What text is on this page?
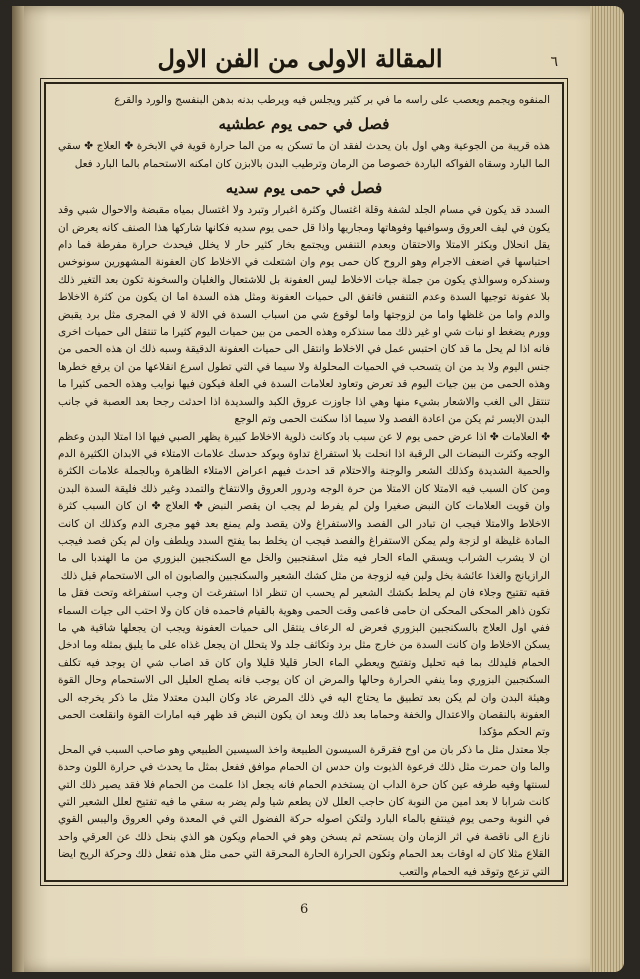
٦
المقالة الاولى من الفن الاول
المنفوه ويجمم ويعصب على راسه ما في بر كثير ويجلس فيه ويرطب بدنه بدهن البنفسج والورد والقرع
فصل في حمى يوم عطشيه
هذه قريبة من الجوعية وهي اول بان يحدث لفقد ان ما تسكن به من الما حرارة قوية في الابخرة ✤ العلاج ✤ سقي الما البارد وسقاه الفواكه الباردة خصوصا من الرمان وترطيب البدن بالابزن كان امكنه الاستحمام بالما البارد فعل
فصل في حمى يوم سديه
السدد قد يكون في مسام الجلد لشفة وقلة اغتسال وكثرة اغبرار وتبرد ولا اغتسال بمياه مقبضة والاحوال شبي وقد يكون في ليف العروق وسوافيها وفوهاتها ومجاريها واذا قل حمى يوم سديه فكانها شاركها هذا الصنف كانه يعرض ان يقل انحلال ويكثر الامتلا والاحتقان وبعدم التنفس ويجتمع بخار كثير حار لا يخلل فيحدث حرارة مفرطة فما دام احتباسها في اضعف الاجرام وهو الروح كان حمى يوم وان اشتعلت في الاخلاط كان العفونة المشهورين سونوخس وسندكره وسوالذي يكون من جملة جيات الاخلاط ليس العفونة بل للاشتعال والغليان والسخونة تكون بعد التغير ذلك بلا عفونة توجيها السدة وعدم التنفس فاتفق الى حميات العفونة ومثل هذه السدة اما ان يكون من كثرة الاخلاط والدم واما من غلظها واما من لزوجتها واما لوقوع شي من اسباب السدة في الالة لا في المجرى مثل برد يقبض وورم يضغط او نبات شي او غير ذلك مما سنذكره وهذه الحمى من بين حميات اليوم كثيرا ما تنتقل الى حميات اخرى فانه اذا لم يحل ما قد كان احتبس عمل في الاخلاط وانتقل الى حميات العفونة الدقيقة وسبه ذلك ان هذه الحمى من جنس اليوم ولا بد من ان يتسحب في الحميات المحلولة ولا سيما في التي تطول اسرع انقلاعها من ان يرفع خطرها وهذه الحمى من بين جيات اليوم قد تعرض وتعاود لعلامات السدة في العلة فيكون فيها نوايب وهذه الحمى كثيرا ما تنتقل الى الغب والاشعار بشيء منها وهي اذا جاوزت عروق الكبد والسديدة اذا احدثت رجحا بعد العصبة في جانب البدن الايسر ثم يكن من اعادة الفصد ولا سيما اذا سكنت الحمى وتم الوجع
✤ العلامات ✤ اذا عرض حمى يوم لا عن سبب باد وكانت ذلوية الاخلاط كبيرة يظهر الصبي فيها اذا امتلا البدن وعظم الوجه وكثرت النبضات الى الرقبة اذا انحلت بلا استفراغ تداوة وبوكد حدسك علامات الامتلاء في الابدان الكثيرة الدم والحمية الشديدة وكذلك الشعر والوجنة والاحتلام قد احدث فيهم اعراض الامتلاء الظاهرة وبالجملة علامات الكثرة ومن كان السبب فيه الامتلا كان الامتلا من حرة الوجه ودرور العروق والانتفاخ والتمدد وغير ذلك فليقة السدة البدن وان قويت العلامات كان النبض صغيرا ولن لم يفرط لم يجب ان يقصر النبض ✤ العلاج ✤ ان كان السبب كثرة الاخلاط والامتلا فيجب ان تبادر الى الفصد والاستفراغ ولان يقصد ولم يمنع بعد فهو مجرى الدم وكذلك ان كانت المادة غليظة او لزجة ولم يمكن الاستفراغ والفصد فيجب ان يخلط بما يفتح السدد ويلطف وان لم يكن فصد فيجب ان لا يشرب الشراب ويسقي الماء الحار فيه مثل اسقنجبين والخل مع السكنجبين البزوري من ما الهندبا الى ما الرازيانج والغذا عائشة بخل ولبن فيه لزوجة من مثل كشك الشعير والسكنجبين والصابون اه الى الاستحمام قبل ذلك
فقيه تقتيح وجلاء فان لم يحلط بكشك الشعير لم يحسب ان تنظر اذا استفرغت ان وجب استفراغه وتحت فقل ما تكون ذاهر المحكى المحكى ان حامى فاعمى وقت الحمى وهوية بالقيام فاحمده فان كان ولا احتب الى جيات السماء ففي اول العلاج بالسكنجبين البزوري فعرض له الرعاف ينتقل الى حميات العفونة ويجب ان يجعلها شاقية هي ما يسكن الاخلاط وان كانت السدة من خارج مثل برد وتكاثف جلد ولا يتحلل ان يجعل غذاه على ما يليق بمثله وما ادخل الحمام فليدلك بما فيه تحليل وتفتيح ويعطي الماء الحار قليلا قليلا وان كان قد اصاب شي ان يوجد فيه تكلف السكنجبين البزوري وما ينفي الحرارة وحالها والمرض ان كان يوجب فانه يصلح العليل الى الاستحمام وحال القوة وهيئة البدن وان لم يكن بعد تطبيق ما يحتاج اليه في ذلك المرض عاد وكان البدن معتدلا مثل ما ذكر يخرجه الى العفونة بالنقصان والاعتدال والخفة وحماما بعد ذلك وبعد ان يكون النبض قد ظهر فيه امارات القوة وانقلعت الحمى وتم الحكم مؤكدا
جلا معتدل مثل ما ذكر بان من اوح فقرقرة السيسون الطبيعة واخذ السيسين الطبيعي وهو صاحب السبب في المحل والما وان حمرت مثل ذلك فرعوة الذيوت وان حدس ان الحمام موافق ففعل بمثل ما يحدث في حرارة اللون وحدة لسنتها وفيه طرفه عين كان حرة الداب ان يستخدم الحمام فانه يجعل اذا علمت من الحمام فلا فقد يصير ذلك التي كانت شرابا لا بعد امين من النوبة كان حاجب العلل لان يطعم شيا ولم يضر به سقي ما فيه تفتيح لعلل الشعير التي في النوبة وحمى يوم فينتفع بالماء البارد ولتكن اصوله حركة الفضول التي في المعدة وفي العروق واليبس القوي نازع الى ناقصة في اثر الزمان وان يستحم ثم يسخن وهو في الحمام ويكون هو الذي بنحل ذلك عن العرقي واحد القلاع مثلا كان له اوقات بعد الحمام وتكون الحرارة الحارة المحرقة التي حمى مثل هذه تفعل ذلك وحركة الريح ايضا التي تزعج وتوقد فيه الحمام والتعب
6
